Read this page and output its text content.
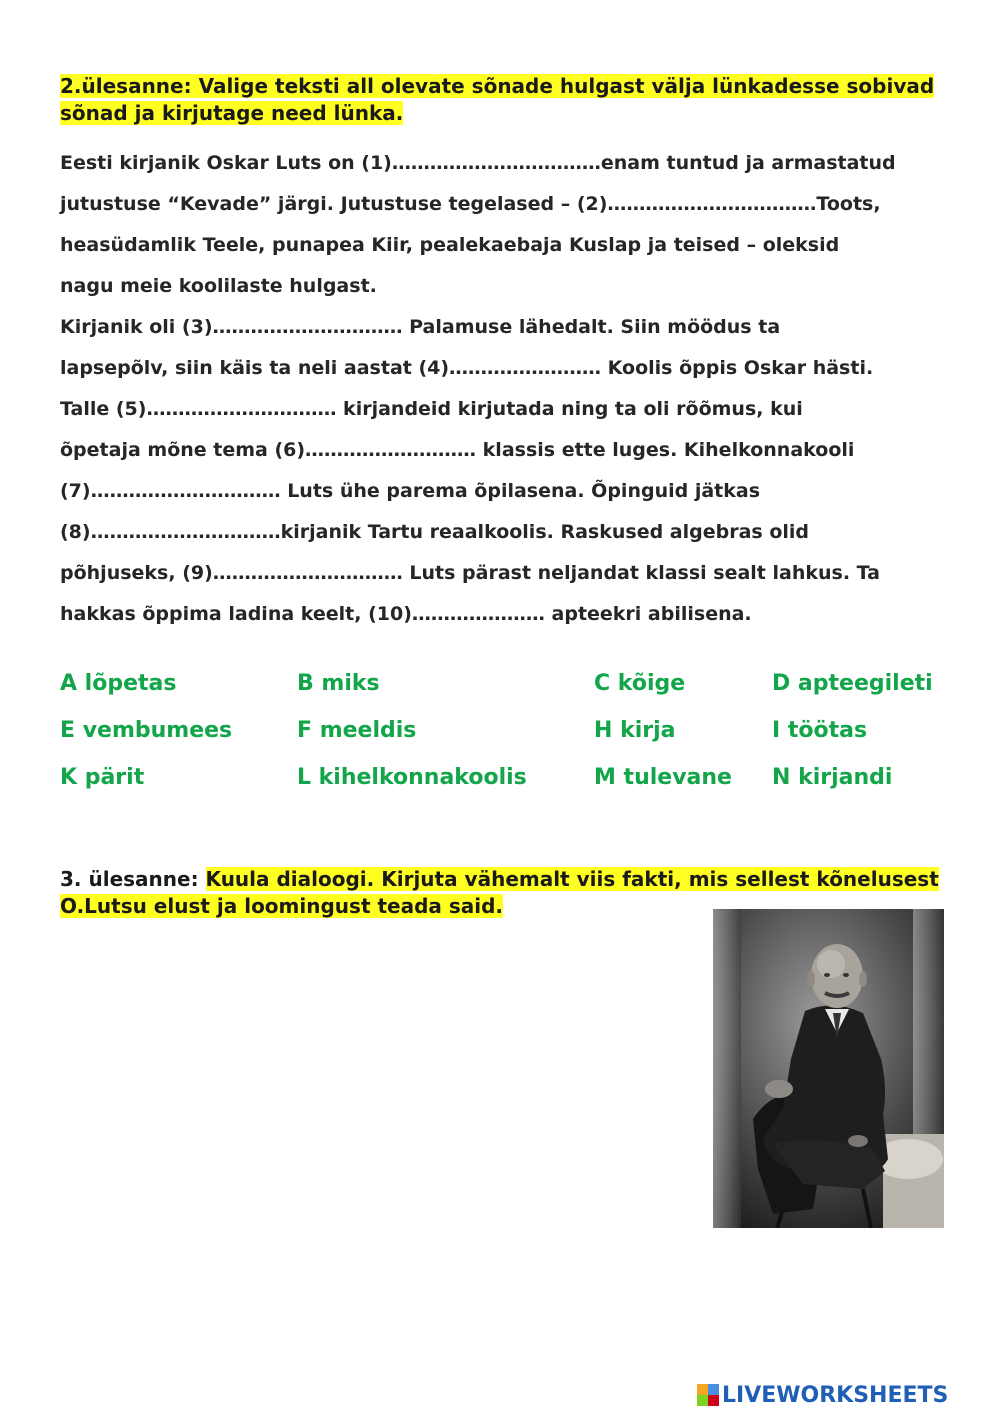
2.ülesanne: Valige teksti all olevate sõnade hulgast välja lünkadesse sobivad
sõnad ja kirjutage need lünka.
Eesti kirjanik Oskar Luts on (1)……………………………enam tuntud ja armastatud
jutustuse “Kevade” järgi. Jutustuse tegelased – (2)……………………………Toots,
heasüdamlik Teele, punapea Kiir, pealekaebaja Kuslap ja teised – oleksid
nagu meie koolilaste hulgast.
Kirjanik oli (3)………………………… Palamuse lähedalt. Siin möödus ta
lapsepõlv, siin käis ta neli aastat (4)…………………… Koolis õppis Oskar hästi.
Talle (5)………………………… kirjandeid kirjutada ning ta oli rõõmus, kui
õpetaja mõne tema (6)……………………… klassis ette luges. Kihelkonnakooli
(7)………………………… Luts ühe parema õpilasena. Õpinguid jätkas
(8)…………………………kirjanik Tartu reaalkoolis. Raskused algebras olid
põhjuseks, (9)………………………… Luts pärast neljandat klassi sealt lahkus. Ta
hakkas õppima ladina keelt, (10)………………… apteekri abilisena.
A lõpetas	B miks	C kõige	D apteegileti
E vembumees	F meeldis	H kirja	I töötas
K pärit	L kihelkonnakoolis	M tulevane N kirjandi
3. ülesanne: Kuula dialoogi. Kirjuta vähemalt viis fakti, mis sellest kõnelusest
O.Lutsu elust ja loomingust teada said.
LIVEWORKSHEETS
